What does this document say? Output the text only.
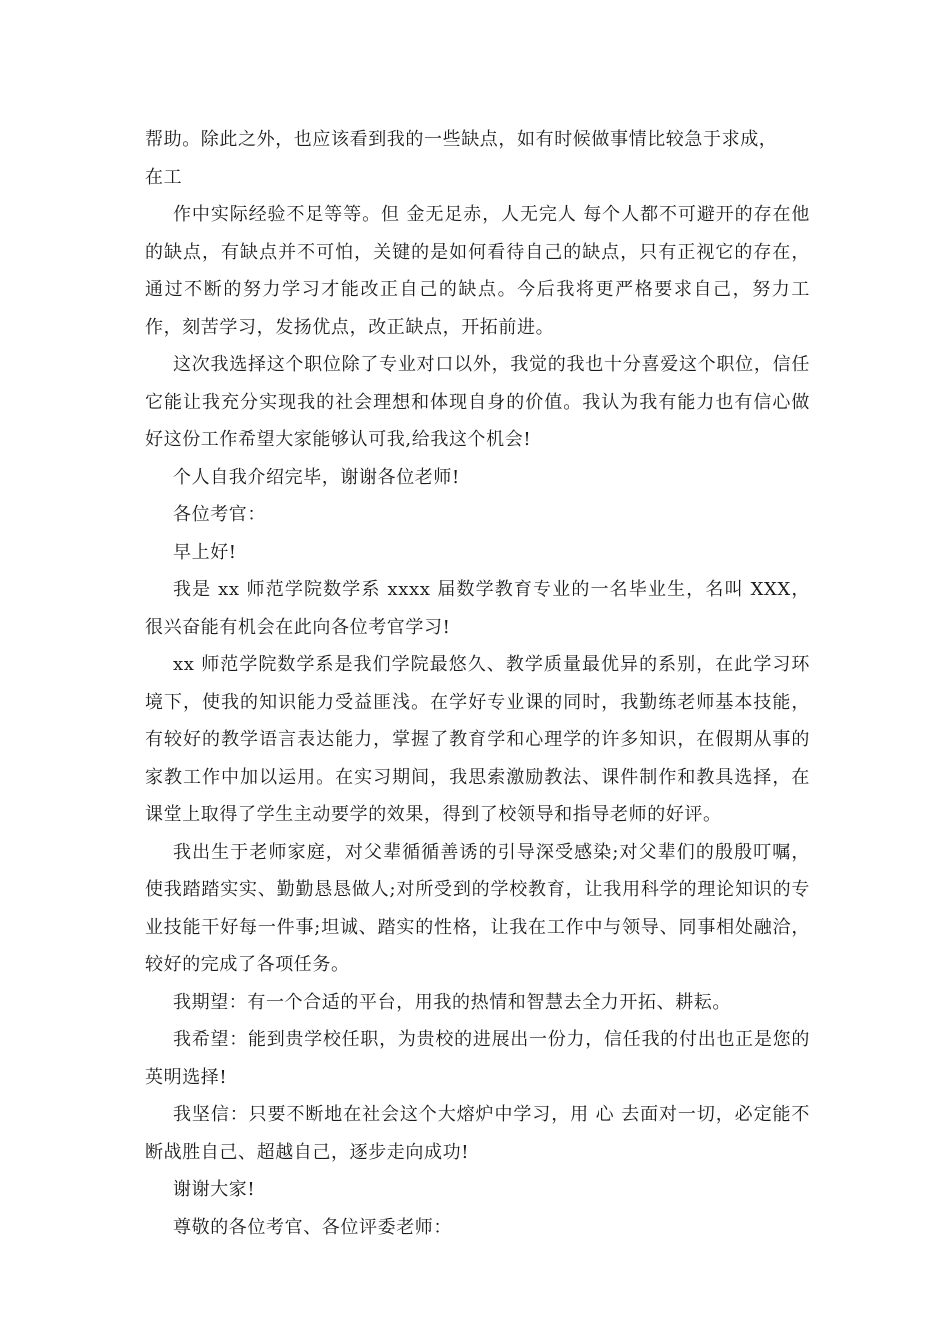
帮助。除此之外，也应该看到我的一些缺点，如有时候做事情比较急于求成，

在工

作中实际经验不足等等。但 金无足赤，人无完人 每个人都不可避开的存在他的缺点，有缺点并不可怕，关键的是如何看待自己的缺点，只有正视它的存在，通过不断的努力学习才能改正自己的缺点。今后我将更严格要求自己，努力工作，刻苦学习，发扬优点，改正缺点，开拓前进。

这次我选择这个职位除了专业对口以外，我觉的我也十分喜爱这个职位，信任它能让我充分实现我的社会理想和体现自身的价值。我认为我有能力也有信心做好这份工作希望大家能够认可我,给我这个机会!

个人自我介绍完毕，谢谢各位老师!

各位考官：

早上好!

我是 xx 师范学院数学系 xxxx 届数学教育专业的一名毕业生，名叫 XXX，很兴奋能有机会在此向各位考官学习!

xx 师范学院数学系是我们学院最悠久、教学质量最优异的系别，在此学习环境下，使我的知识能力受益匪浅。在学好专业课的同时，我勤练老师基本技能，有较好的教学语言表达能力，掌握了教育学和心理学的许多知识，在假期从事的家教工作中加以运用。在实习期间，我思索激励教法、课件制作和教具选择，在课堂上取得了学生主动要学的效果，得到了校领导和指导老师的好评。

我出生于老师家庭，对父辈循循善诱的引导深受感染;对父辈们的殷殷叮嘱，使我踏踏实实、勤勤恳恳做人;对所受到的学校教育，让我用科学的理论知识的专业技能干好每一件事;坦诚、踏实的性格，让我在工作中与领导、同事相处融洽，较好的完成了各项任务。

我期望：有一个合适的平台，用我的热情和智慧去全力开拓、耕耘。

我希望：能到贵学校任职，为贵校的进展出一份力，信任我的付出也正是您的英明选择!

我坚信：只要不断地在社会这个大熔炉中学习，用 心 去面对一切，必定能不断战胜自己、超越自己，逐步走向成功!

谢谢大家!

尊敬的各位考官、各位评委老师：
